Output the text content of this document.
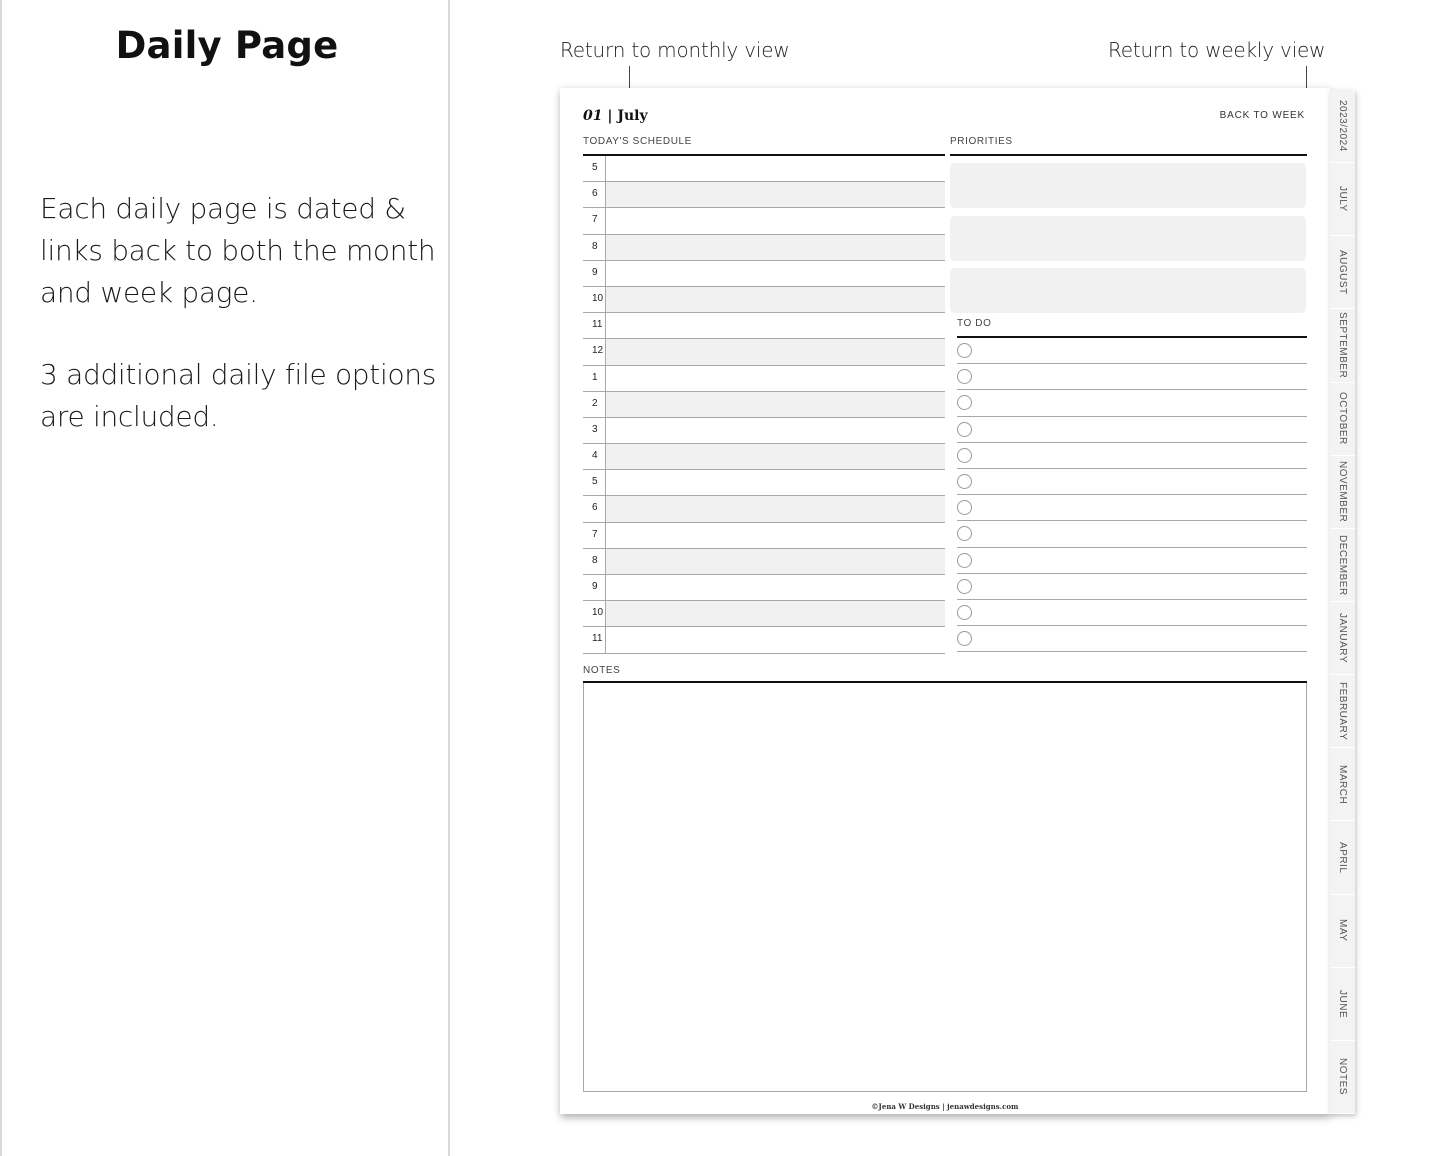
Daily Page
Each daily page is dated & links back to both the month and week page.
3 additional daily file options are included.
Return to monthly view	Return to weekly view
01 | July	BACK TO WEEK
TODAY'S SCHEDULE
5
6
7
8
9
10
11
12
1
2
3
4
5
6
7
8
9
10
11
PRIORITIES
TO DO
NOTES
©Jena W Designs | jenawdesigns.com
2023/2024
JULY
AUGUST
SEPTEMBER
OCTOBER
NOVEMBER
DECEMBER
JANUARY
FEBRUARY
MARCH
APRIL
MAY
JUNE
NOTES
